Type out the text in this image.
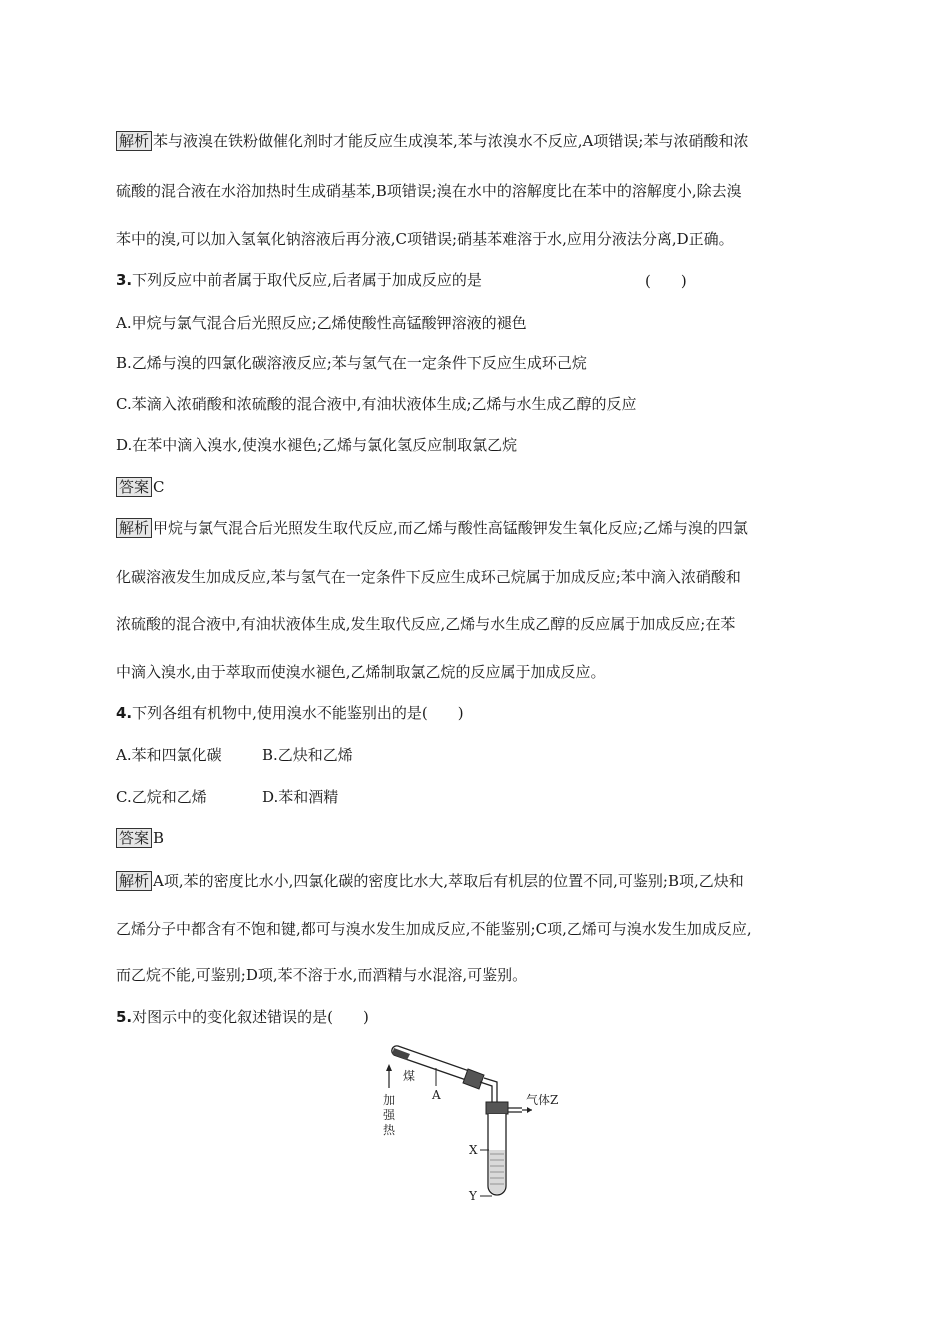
解析 苯与液溴在铁粉做催化剂时才能反应生成溴苯,苯与浓溴水不反应,A项错误;苯与浓硝酸和浓
硫酸的混合液在水浴加热时生成硝基苯,B项错误;溴在水中的溶解度比在苯中的溶解度小,除去溴
苯中的溴,可以加入氢氧化钠溶液后再分液,C项错误;硝基苯难溶于水,应用分液法分离,D正确。
3.下列反应中前者属于取代反应,后者属于加成反应的是	(　　)
A.甲烷与氯气混合后光照反应;乙烯使酸性高锰酸钾溶液的褪色
B.乙烯与溴的四氯化碳溶液反应;苯与氢气在一定条件下反应生成环己烷
C.苯滴入浓硝酸和浓硫酸的混合液中,有油状液体生成;乙烯与水生成乙醇的反应
D.在苯中滴入溴水,使溴水褪色;乙烯与氯化氢反应制取氯乙烷
答案 C
解析 甲烷与氯气混合后光照发生取代反应,而乙烯与酸性高锰酸钾发生氧化反应;乙烯与溴的四氯
化碳溶液发生加成反应,苯与氢气在一定条件下反应生成环己烷属于加成反应;苯中滴入浓硝酸和
浓硫酸的混合液中,有油状液体生成,发生取代反应,乙烯与水生成乙醇的反应属于加成反应;在苯
中滴入溴水,由于萃取而使溴水褪色,乙烯制取氯乙烷的反应属于加成反应。
4.下列各组有机物中,使用溴水不能鉴别出的是(　　)
A.苯和四氯化碳	B.乙炔和乙烯
C.乙烷和乙烯	D.苯和酒精
答案 B
解析 A项,苯的密度比水小,四氯化碳的密度比水大,萃取后有机层的位置不同,可鉴别;B项,乙炔和
乙烯分子中都含有不饱和键,都可与溴水发生加成反应,不能鉴别;C项,乙烯可与溴水发生加成反应,
而乙烷不能,可鉴别;D项,苯不溶于水,而酒精与水混溶,可鉴别。
5.对图示中的变化叙述错误的是(　　)
煤
加
强
热
A	气体Z
X
Y
